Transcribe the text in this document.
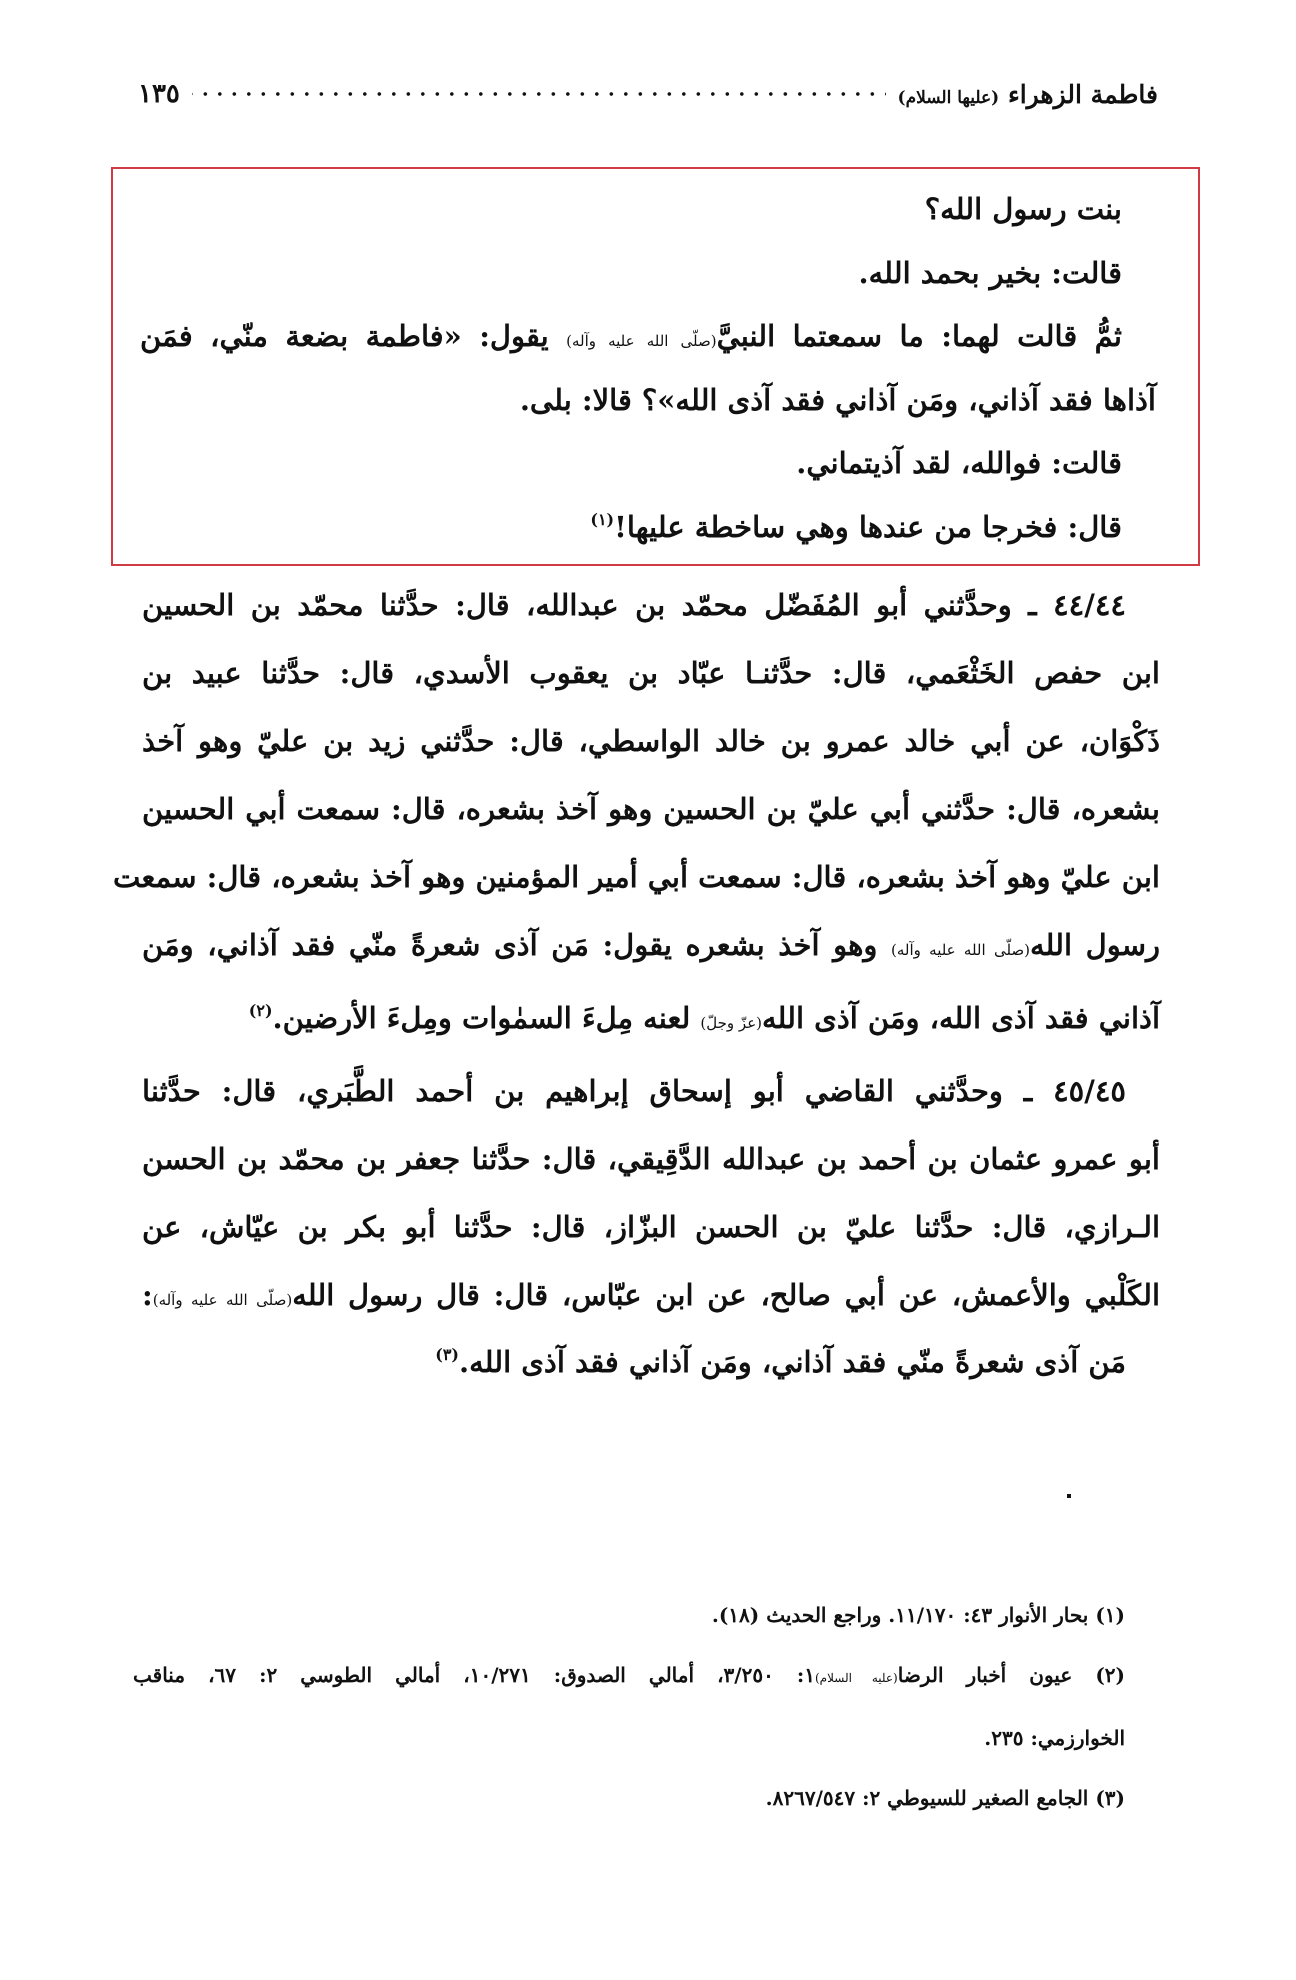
فاطمة الزهراء (عليها السلام)
١٣٥
بنت رسول الله؟
قالت: بخير بحمد الله.
ثمُّ قالت لهما: ما سمعتما النبيَّ(صلّى الله عليه وآله) يقول: «فاطمة بضعة منّي، فمَن
آذاها فقد آذاني، ومَن آذاني فقد آذى الله»؟ قالا: بلى.
قالت: فوالله، لقد آذيتماني.
قال: فخرجا من عندها وهي ساخطة عليها!$^{(١)}$
٤٤/٤٤ ـ وحدَّثني أبو المُفَضّل محمّد بن عبدالله، قال: حدَّثنا محمّد بن الحسين
ابن حفص الخَثْعَمي، قال: حدَّثنـا عبّاد بن يعقوب الأسدي، قال: حدَّثنا عبيد بن
ذَكْوَان، عن أبي خالد عمرو بن خالد الواسطي، قال: حدَّثني زيد بن عليّ وهو آخذ
بشعره، قال: حدَّثني أبي عليّ بن الحسين وهو آخذ بشعره، قال: سمعت أبي الحسين
ابن عليّ وهو آخذ بشعره، قال: سمعت أبي أمير المؤمنين وهو آخذ بشعره، قال: سمعت
رسول الله(صلّى الله عليه وآله) وهو آخذ بشعره يقول: مَن آذى شعرةً منّي فقد آذاني، ومَن
آذاني فقد آذى الله، ومَن آذى الله(عزّ وجلّ) لعنه مِلءَ السمٰوات ومِلءَ الأرضين.$^{(٢)}$
٤٥/٤٥ ـ وحدَّثني القاضي أبو إسحاق إبراهيم بن أحمد الطَّبَري، قال: حدَّثنا
أبو عمرو عثمان بن أحمد بن عبدالله الدَّقِيقي، قال: حدَّثنا جعفر بن محمّد بن الحسن
الـرازي، قال: حدَّثنا عليّ بن الحسن البزّاز، قال: حدَّثنا أبو بكر بن عيّاش، عن
الكَلْبي والأعمش، عن أبي صالح، عن ابن عبّاس، قال: قال رسول الله(صلّى الله عليه وآله):
مَن آذى شعرةً منّي فقد آذاني، ومَن آذاني فقد آذى الله.$^{(٣)}$
(١) بحار الأنوار ٤٣: ١١/١٧٠. وراجع الحديث (١٨).
(٢) عيون أخبار الرضا(عليه السلام)١: ٣/٢٥٠، أمالي الصدوق: ١٠/٢٧١، أمالي الطوسي ٢: ٦٧، مناقب
الخوارزمي: ٢٣٥.
(٣) الجامع الصغير للسيوطي ٢: ٨٢٦٧/٥٤٧.
